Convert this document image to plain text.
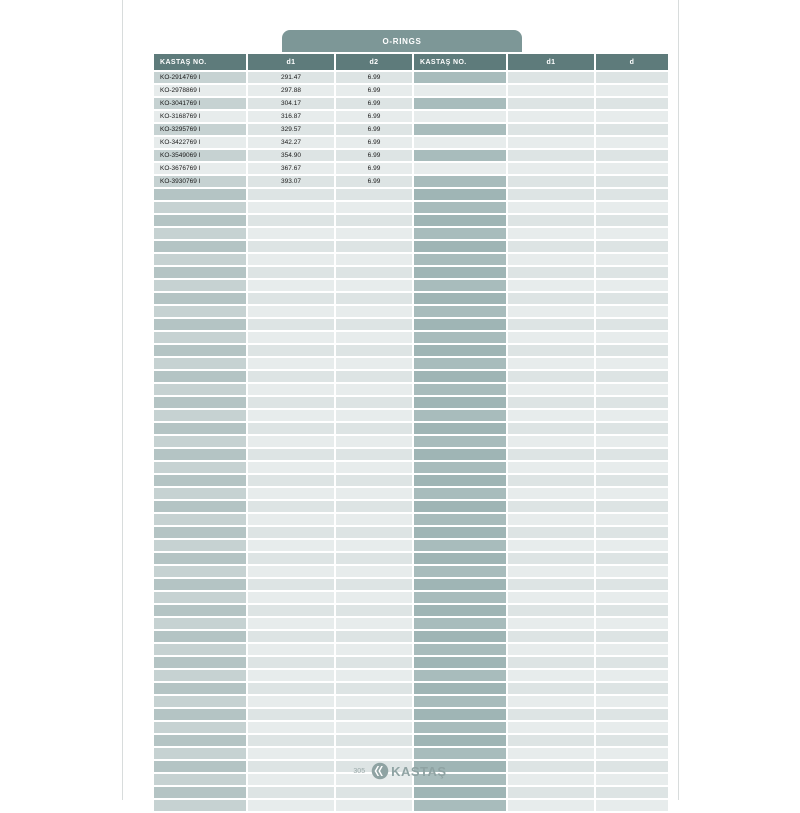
O-RINGS
KASTAŞ NO.	d1	d2	KASTAŞ NO.	d1	d
KO-2914769 I	291.47	6.99			
KO-2978869 I	297.88	6.99			
KO-3041769 I	304.17	6.99			
KO-3168769 I	316.87	6.99			
KO-3295769 I	329.57	6.99			
KO-3422769 I	342.27	6.99			
KO-3549069 I	354.90	6.99			
KO-3676769 I	367.67	6.99			
KO-3930769 I	393.07	6.99			

305 KASTAŞ
